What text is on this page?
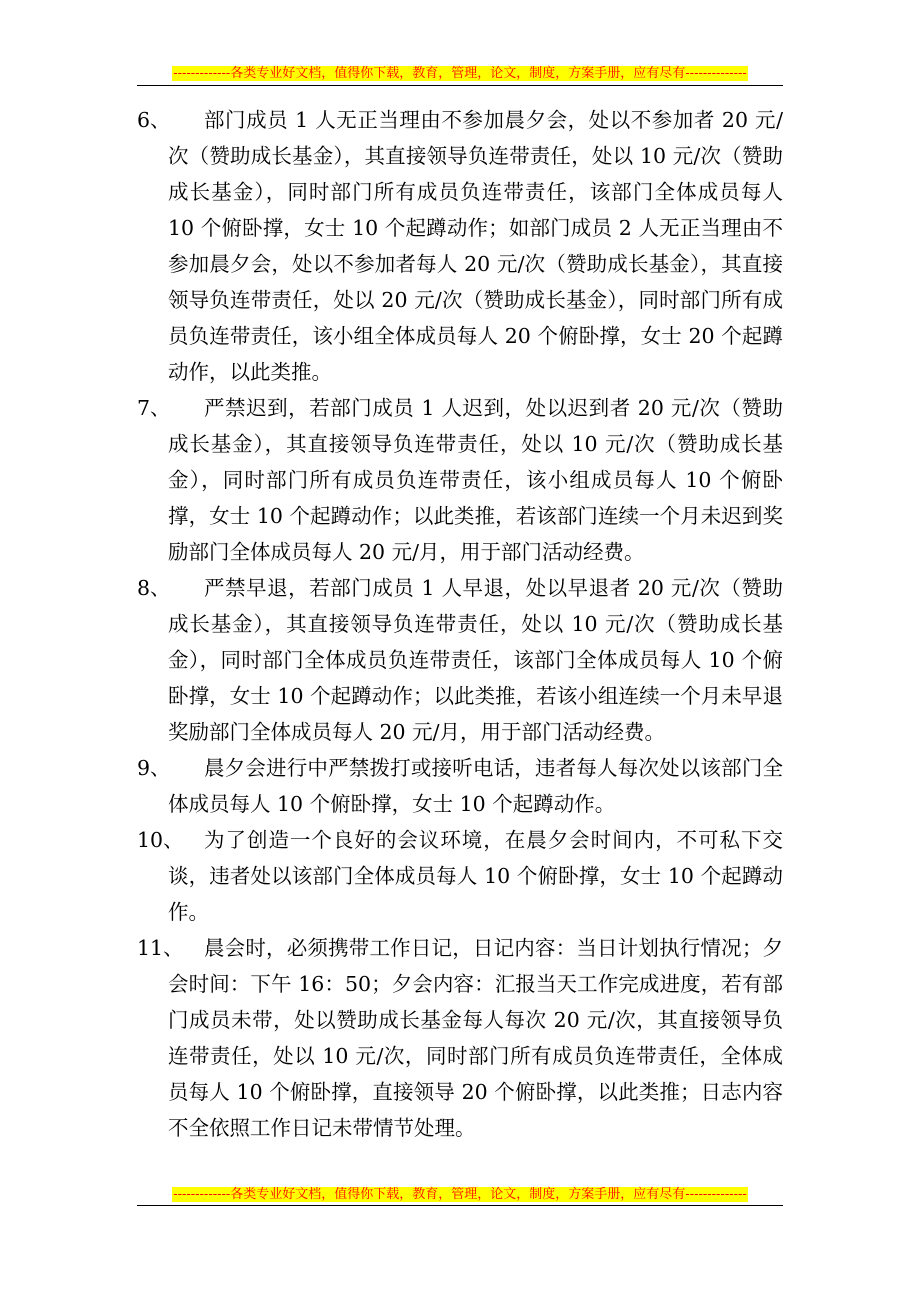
-------------各类专业好文档，值得你下载，教育，管理，论文，制度，方案手册，应有尽有--------------
6、	部门成员 1 人无正当理由不参加晨夕会，处以不参加者 20 元/次（赞助成长基金），其直接领导负连带责任，处以 10 元/次（赞助成长基金），同时部门所有成员负连带责任，该部门全体成员每人 10 个俯卧撑，女士 10 个起蹲动作；如部门成员 2 人无正当理由不参加晨夕会，处以不参加者每人 20 元/次（赞助成长基金），其直接领导负连带责任，处以 20 元/次（赞助成长基金），同时部门所有成员负连带责任，该小组全体成员每人 20 个俯卧撑，女士 20 个起蹲动作，以此类推。
7、	严禁迟到，若部门成员 1 人迟到，处以迟到者 20 元/次（赞助成长基金），其直接领导负连带责任，处以 10 元/次（赞助成长基金），同时部门所有成员负连带责任，该小组成员每人 10 个俯卧撑，女士 10 个起蹲动作；以此类推，若该部门连续一个月未迟到奖励部门全体成员每人 20 元/月，用于部门活动经费。
8、	严禁早退，若部门成员 1 人早退，处以早退者 20 元/次（赞助成长基金），其直接领导负连带责任，处以 10 元/次（赞助成长基金），同时部门全体成员负连带责任，该部门全体成员每人 10 个俯卧撑，女士 10 个起蹲动作；以此类推，若该小组连续一个月未早退奖励部门全体成员每人 20 元/月，用于部门活动经费。
9、	晨夕会进行中严禁拨打或接听电话，违者每人每次处以该部门全体成员每人 10 个俯卧撑，女士 10 个起蹲动作。
10、 为了创造一个良好的会议环境，在晨夕会时间内，不可私下交谈，违者处以该部门全体成员每人 10 个俯卧撑，女士 10 个起蹲动作。
11、 晨会时，必须携带工作日记，日记内容：当日计划执行情况；夕会时间：下午 16：50；夕会内容：汇报当天工作完成进度，若有部门成员未带，处以赞助成长基金每人每次 20 元/次，其直接领导负连带责任，处以 10 元/次，同时部门所有成员负连带责任，全体成员每人 10 个俯卧撑，直接领导 20 个俯卧撑，以此类推；日志内容不全依照工作日记未带情节处理。
-------------各类专业好文档，值得你下载，教育，管理，论文，制度，方案手册，应有尽有--------------
